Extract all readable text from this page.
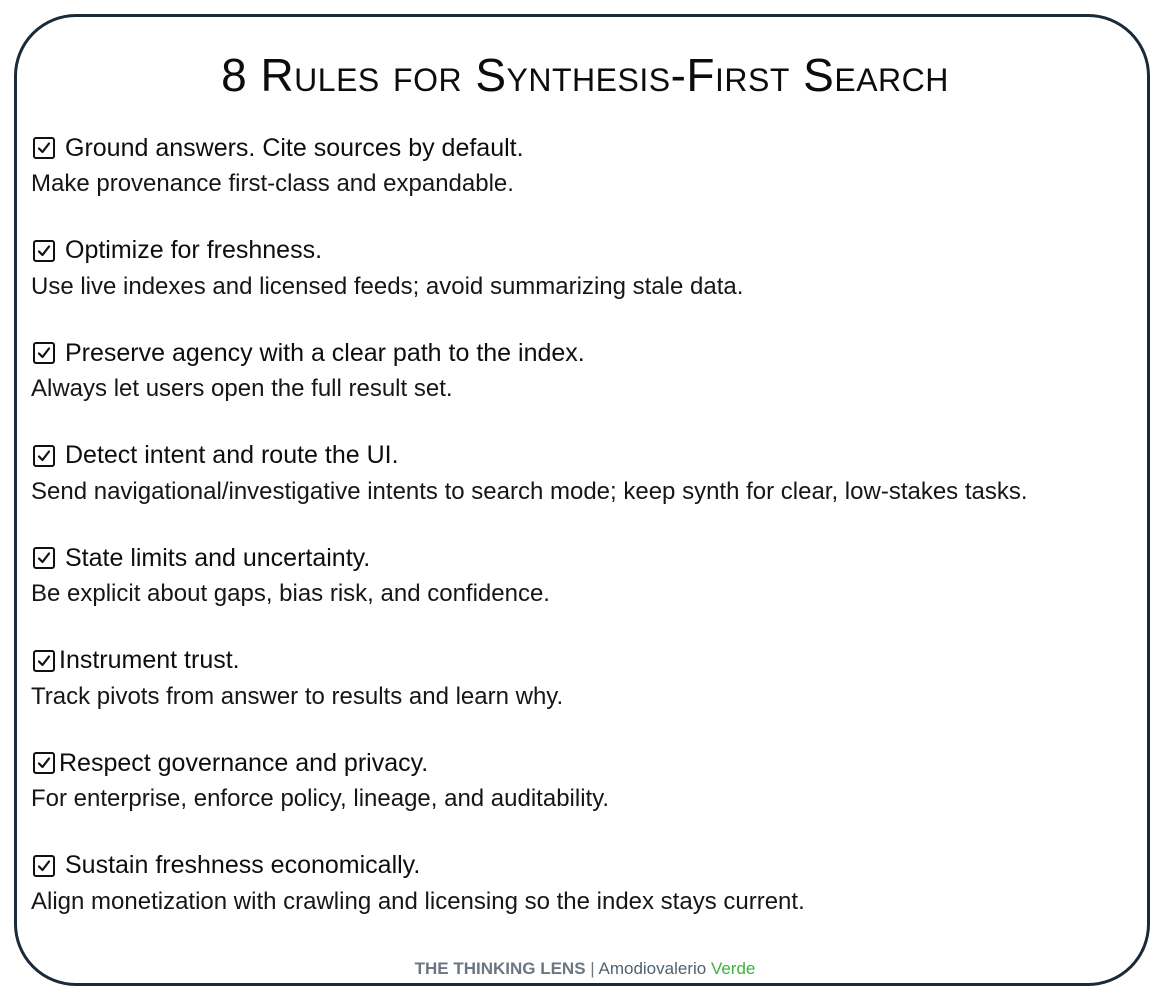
8 Rules for Synthesis-First Search
Ground answers. Cite sources by default.
Make provenance first-class and expandable.
Optimize for freshness.
Use live indexes and licensed feeds; avoid summarizing stale data.
Preserve agency with a clear path to the index.
Always let users open the full result set.
Detect intent and route the UI.
Send navigational/investigative intents to search mode; keep synth for clear, low-stakes tasks.
State limits and uncertainty.
Be explicit about gaps, bias risk, and confidence.
Instrument trust.
Track pivots from answer to results and learn why.
Respect governance and privacy.
For enterprise, enforce policy, lineage, and auditability.
Sustain freshness economically.
Align monetization with crawling and licensing so the index stays current.
THE THINKING LENS | Amodiovalerio Verde
